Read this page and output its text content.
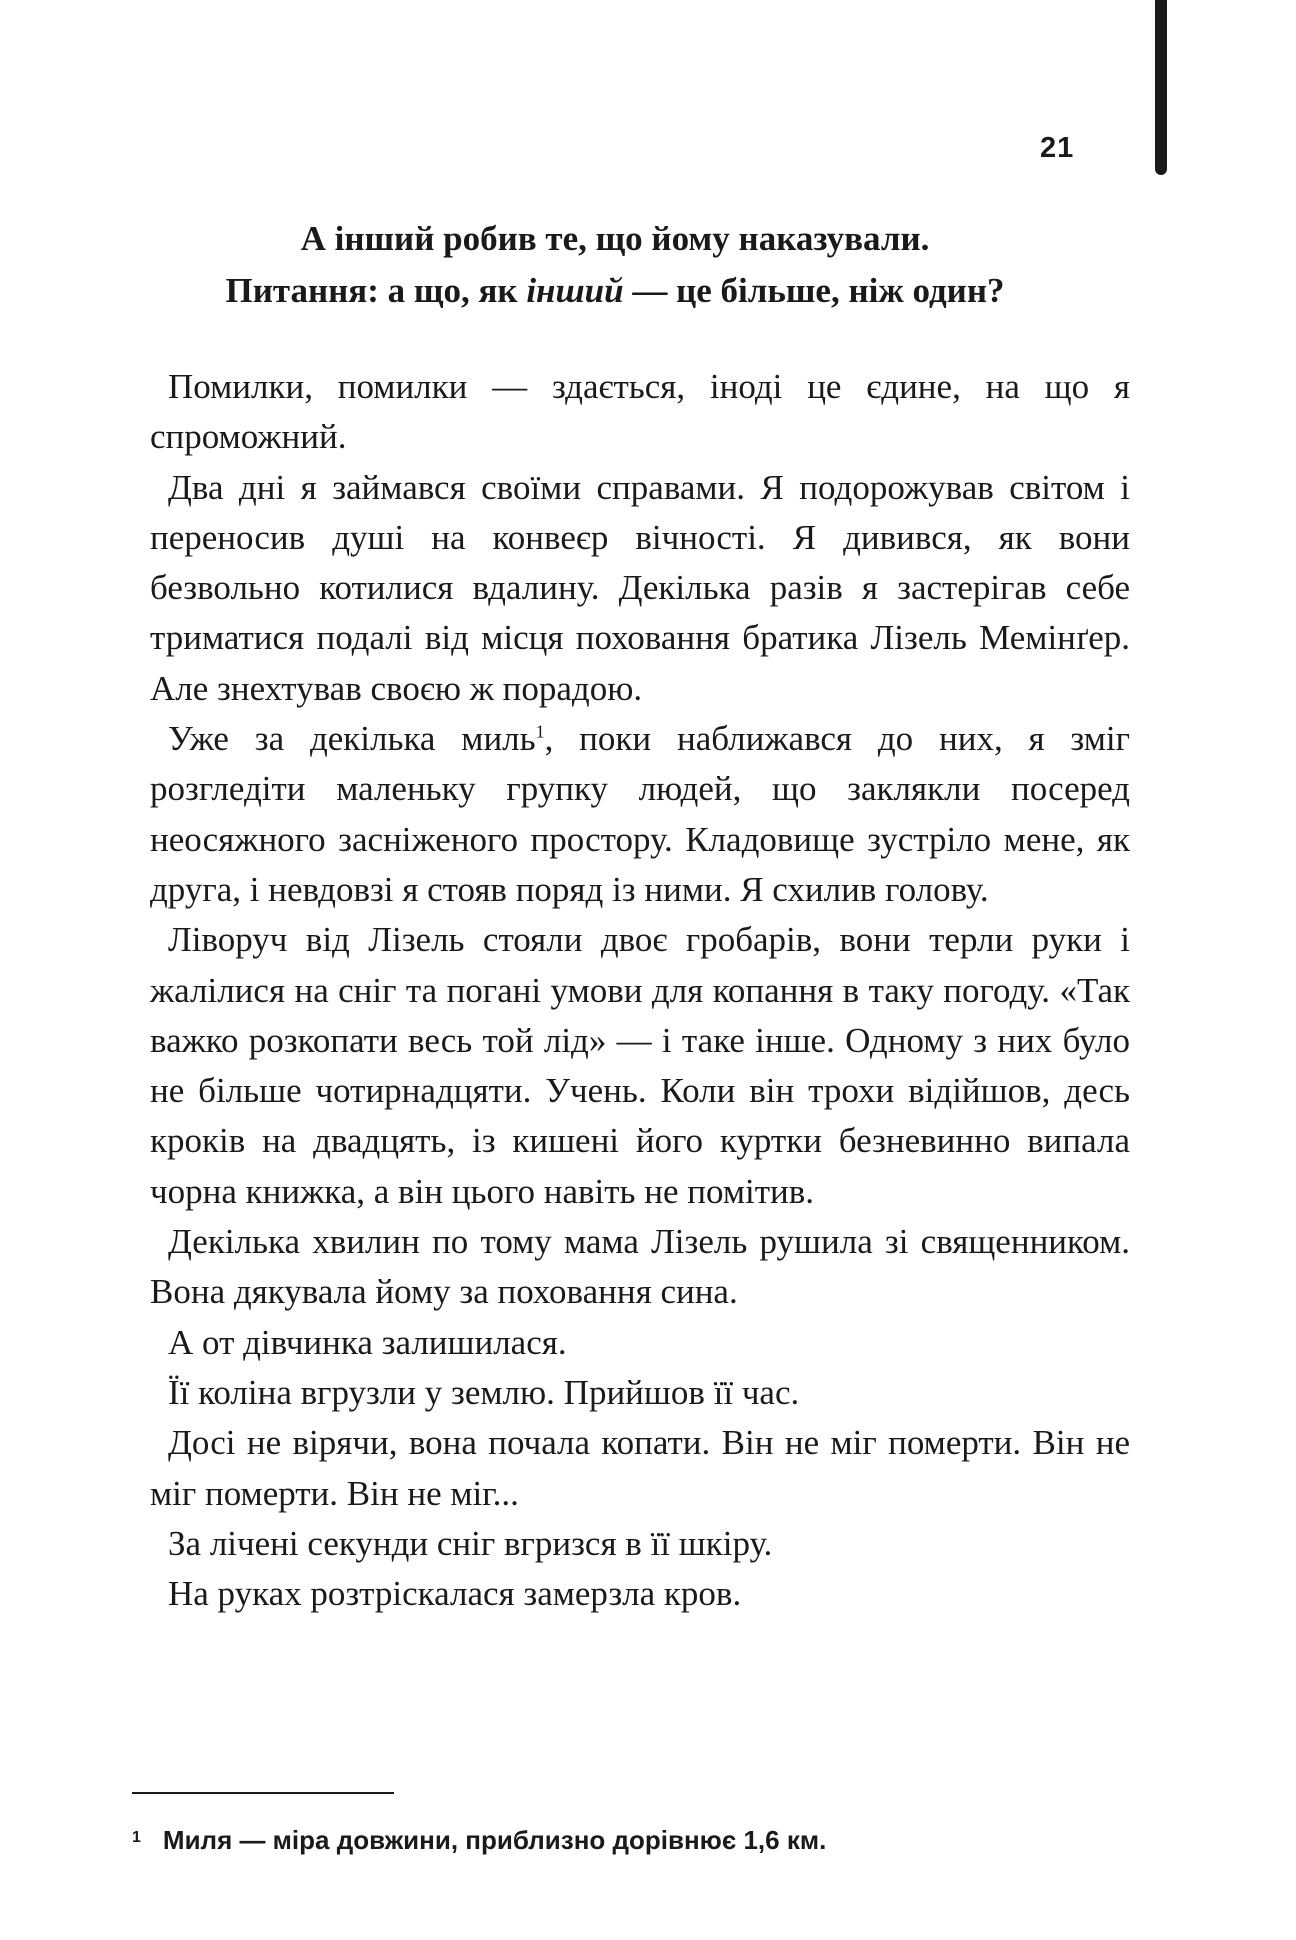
21
А інший робив те, що йому наказували.
Питання: а що, як інший — це більше, ніж один?

Помилки, помилки — здається, іноді це єдине, на що я спроможний.

Два дні я займався своїми справами. Я подорожував світом і переносив душі на конвеєр вічності. Я дивився, як вони безвольно котилися вдалину. Декілька разів я застерігав себе триматися подалі від місця поховання братика Лізель Мемінґер. Але знехтував своєю ж порадою.

Уже за декілька миль$^1$, поки наближався до них, я зміг розгледіти маленьку групку людей, що заклякли посеред неосяжного засніженого простору. Кладовище зустріло мене, як друга, і невдовзі я стояв поряд із ними. Я схилив голову.

Ліворуч від Лізель стояли двоє гробарів, вони терли руки і жалілися на сніг та погані умови для копання в таку погоду. «Так важко розкопати весь той лід» — і таке інше. Одному з них було не більше чотирнадцяти. Учень. Коли він трохи відійшов, десь кроків на двадцять, із кишені його куртки безневинно випала чорна книжка, а він цього навіть не помітив.

Декілька хвилин по тому мама Лізель рушила зі священником. Вона дякувала йому за поховання сина.

А от дівчинка залишилася.

Її коліна вгрузли у землю. Прийшов її час.

Досі не вірячи, вона почала копати. Він не міг померти. Він не міг померти. Він не міг...

За лічені секунди сніг вгризся в її шкіру.

На руках розтріскалася замерзла кров.

$^1$ Миля — міра довжини, приблизно дорівнює 1,6 км.
